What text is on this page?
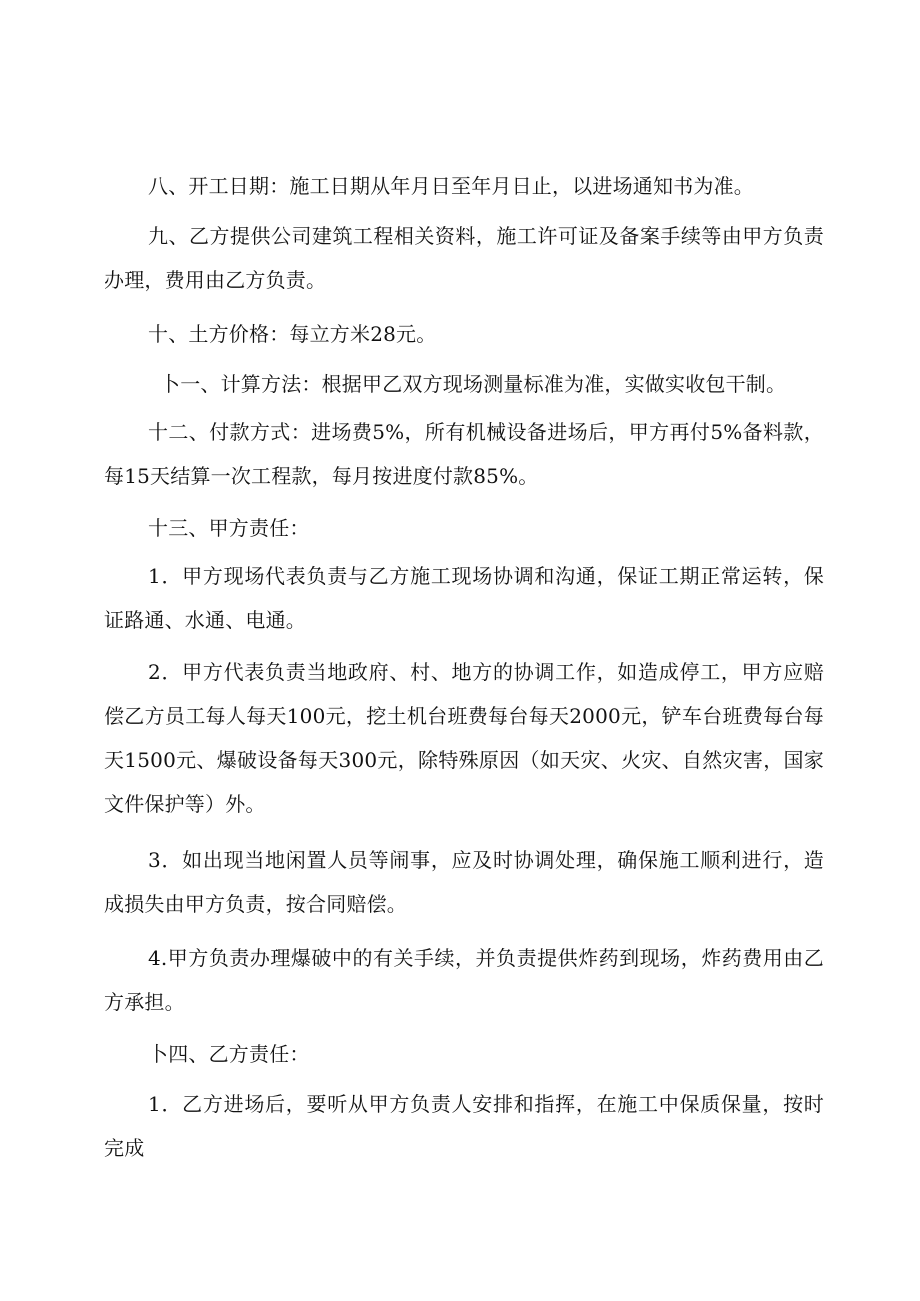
八、开工日期：施工日期从年月日至年月日止，以进场通知书为准。

九、乙方提供公司建筑工程相关资料，施工许可证及备案手续等由甲方负责办理，费用由乙方负责。

十、土方价格：每立方米28元。

卜一、计算方法：根据甲乙双方现场测量标准为准，实做实收包干制。

十二、付款方式：进场费5%，所有机械设备进场后，甲方再付5%备料款，每15天结算一次工程款，每月按进度付款85%。

十三、甲方责任：

1．甲方现场代表负责与乙方施工现场协调和沟通，保证工期正常运转，保证路通、水通、电通。

2．甲方代表负责当地政府、村、地方的协调工作，如造成停工，甲方应赔偿乙方员工每人每天100元，挖土机台班费每台每天2000元，铲车台班费每台每天1500元、爆破设备每天300元，除特殊原因（如天灾、火灾、自然灾害，国家文件保护等）外。

3．如出现当地闲置人员等闹事，应及时协调处理，确保施工顺利进行，造成损失由甲方负责，按合同赔偿。

4.甲方负责办理爆破中的有关手续，并负责提供炸药到现场，炸药费用由乙方承担。

卜四、乙方责任：

1．乙方进场后，要听从甲方负责人安排和指挥，在施工中保质保量，按时完成
